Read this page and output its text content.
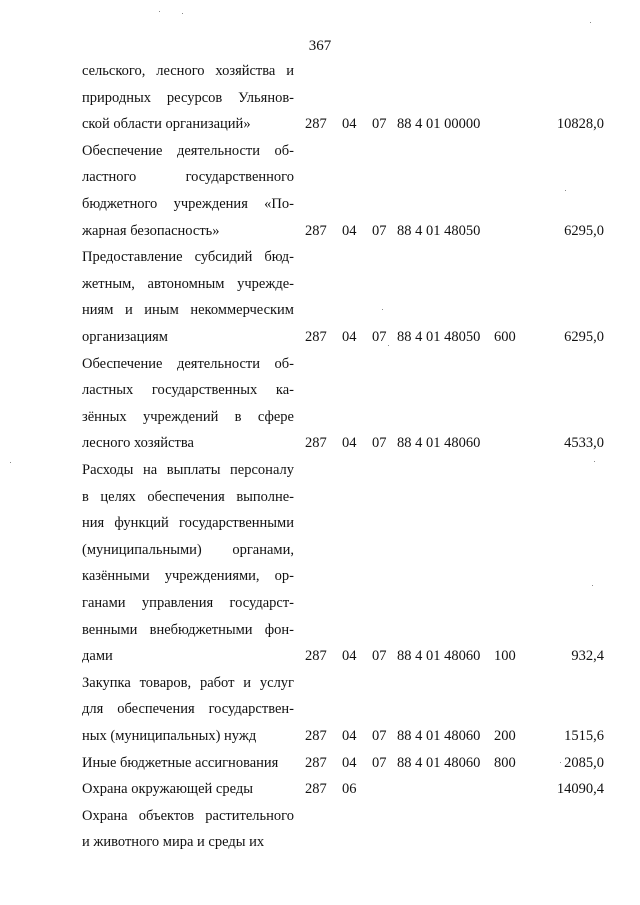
367
сельского, лесного хозяйства и
природных ресурсов Ульянов-
ской области организаций»	287 04 07 88 4 01 00000	10828,0
Обеспечение деятельности об-
ластного государственного
бюджетного учреждения «По-
жарная безопасность»	287 04 07 88 4 01 48050	6295,0
Предоставление субсидий бюд-
жетным, автономным учрежде-
ниям и иным некоммерческим
организациям	287 04 07 88 4 01 48050 600	6295,0
Обеспечение деятельности об-
ластных государственных ка-
зённых учреждений в сфере
лесного хозяйства	287 04 07 88 4 01 48060	4533,0
Расходы на выплаты персоналу
в целях обеспечения выполне-
ния функций государственными
(муниципальными) органами,
казёнными учреждениями, ор-
ганами управления государст-
венными внебюджетными фон-
дами	287 04 07 88 4 01 48060 100	932,4
Закупка товаров, работ и услуг
для обеспечения государствен-
ных (муниципальных) нужд	287 04 07 88 4 01 48060 200	1515,6
Иные бюджетные ассигнования	287 04 07 88 4 01 48060 800	2085,0
Охрана окружающей среды	287 06	14090,4
Охрана объектов растительного
и животного мира и среды их
